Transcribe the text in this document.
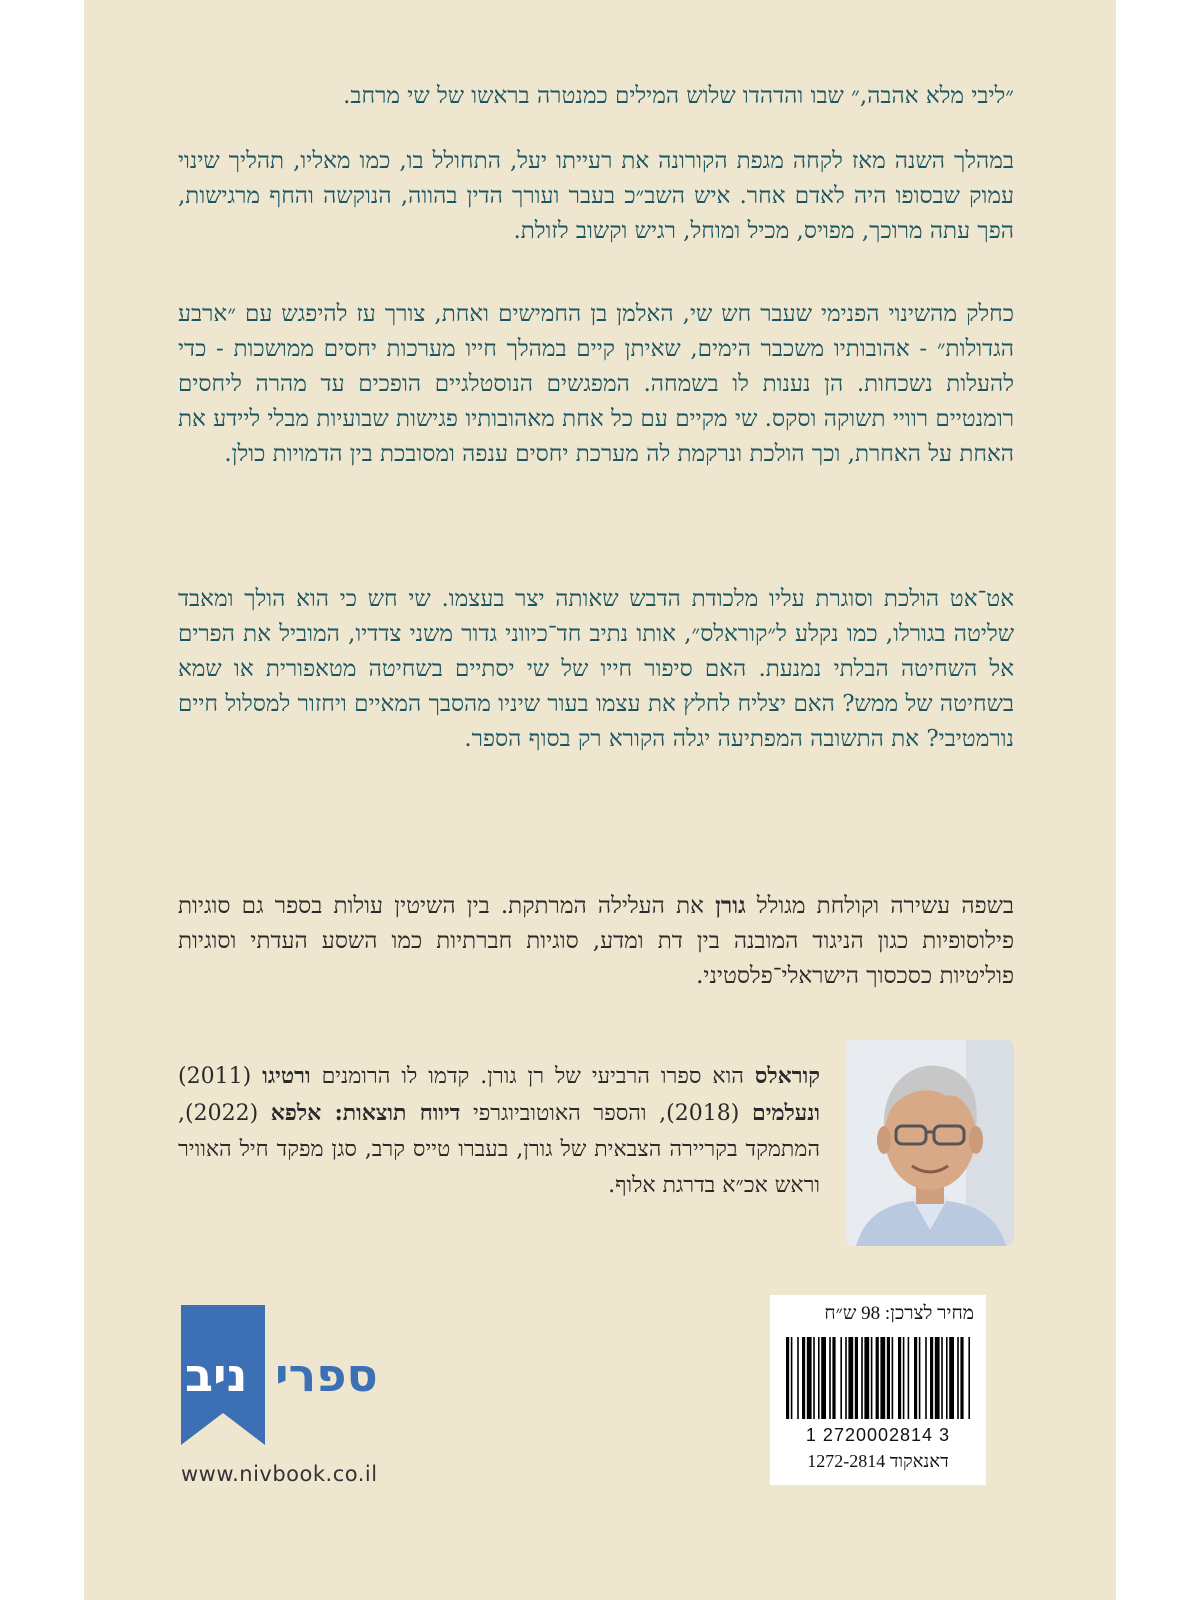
״ליבי מלא אהבה,״ שבו והדהדו שלוש המילים כמנטרה בראשו של שי מרחב.

במהלך השנה מאז לקחה מגפת הקורונה את רעייתו יעל, התחולל בו, כמו מאליו, תהליך שינוי עמוק שבסופו היה לאדם אחר. איש השב״כ בעבר ועורך הדין בהווה, הנוקשה והחף מרגישות, הפך עתה מרוכך, מפויס, מכיל ומוחל, רגיש וקשוב לזולת.

כחלק מהשינוי הפנימי שעבר חש שי, האלמן בן החמישים ואחת, צורך עז להיפגש עם ״ארבע הגדולות״ - אהובותיו משכבר הימים, שאיתן קיים במהלך חייו מערכות יחסים ממושכות - כדי להעלות נשכחות. הן נענות לו בשמחה. המפגשים הנוסטלגיים הופכים עד מהרה ליחסים רומנטיים רוויי תשוקה וסקס. שי מקיים עם כל אחת מאהובותיו פגישות שבועיות מבלי ליידע את האחת על האחרת, וכך הולכת ונרקמת לה מערכת יחסים ענפה ומסובכת בין הדמויות כולן.

אט־אט הולכת וסוגרת עליו מלכודת הדבש שאותה יצר בעצמו. שי חש כי הוא הולך ומאבד שליטה בגורלו, כמו נקלע ל״קוראלס״, אותו נתיב חד־כיווני גדור משני צדדיו, המוביל את הפרים אל השחיטה הבלתי נמנעת. האם סיפור חייו של שי יסתיים בשחיטה מטאפורית או שמא בשחיטה של ממש? האם יצליח לחלץ את עצמו בעור שיניו מהסבך המאיים ויחזור למסלול חיים נורמטיבי? את התשובה המפתיעה יגלה הקורא רק בסוף הספר.

בשפה עשירה וקולחת מגולל גורן את העלילה המרתקת. בין השיטין עולות בספר גם סוגיות פילוסופיות כגון הניגוד המובנה בין דת ומדע, סוגיות חברתיות כמו השסע העדתי וסוגיות פוליטיות כסכסוך הישראלי־פלסטיני.

קוראלס הוא ספרו הרביעי של רן גורן. קדמו לו הרומנים ורטיגו (2011) ונעלמים (2018), והספר האוטוביוגרפי דיווח תוצאות: אלפא (2022), המתמקד בקריירה הצבאית של גורן, בעברו טייס קרב, סגן מפקד חיל האוויר וראש אכ״א בדרגת אלוף.

ניב ספרי
www.nivbook.co.il
מחיר לצרכן: 98 ש״ח
1 2720002814 3
דאנאקוד 1272-2814
